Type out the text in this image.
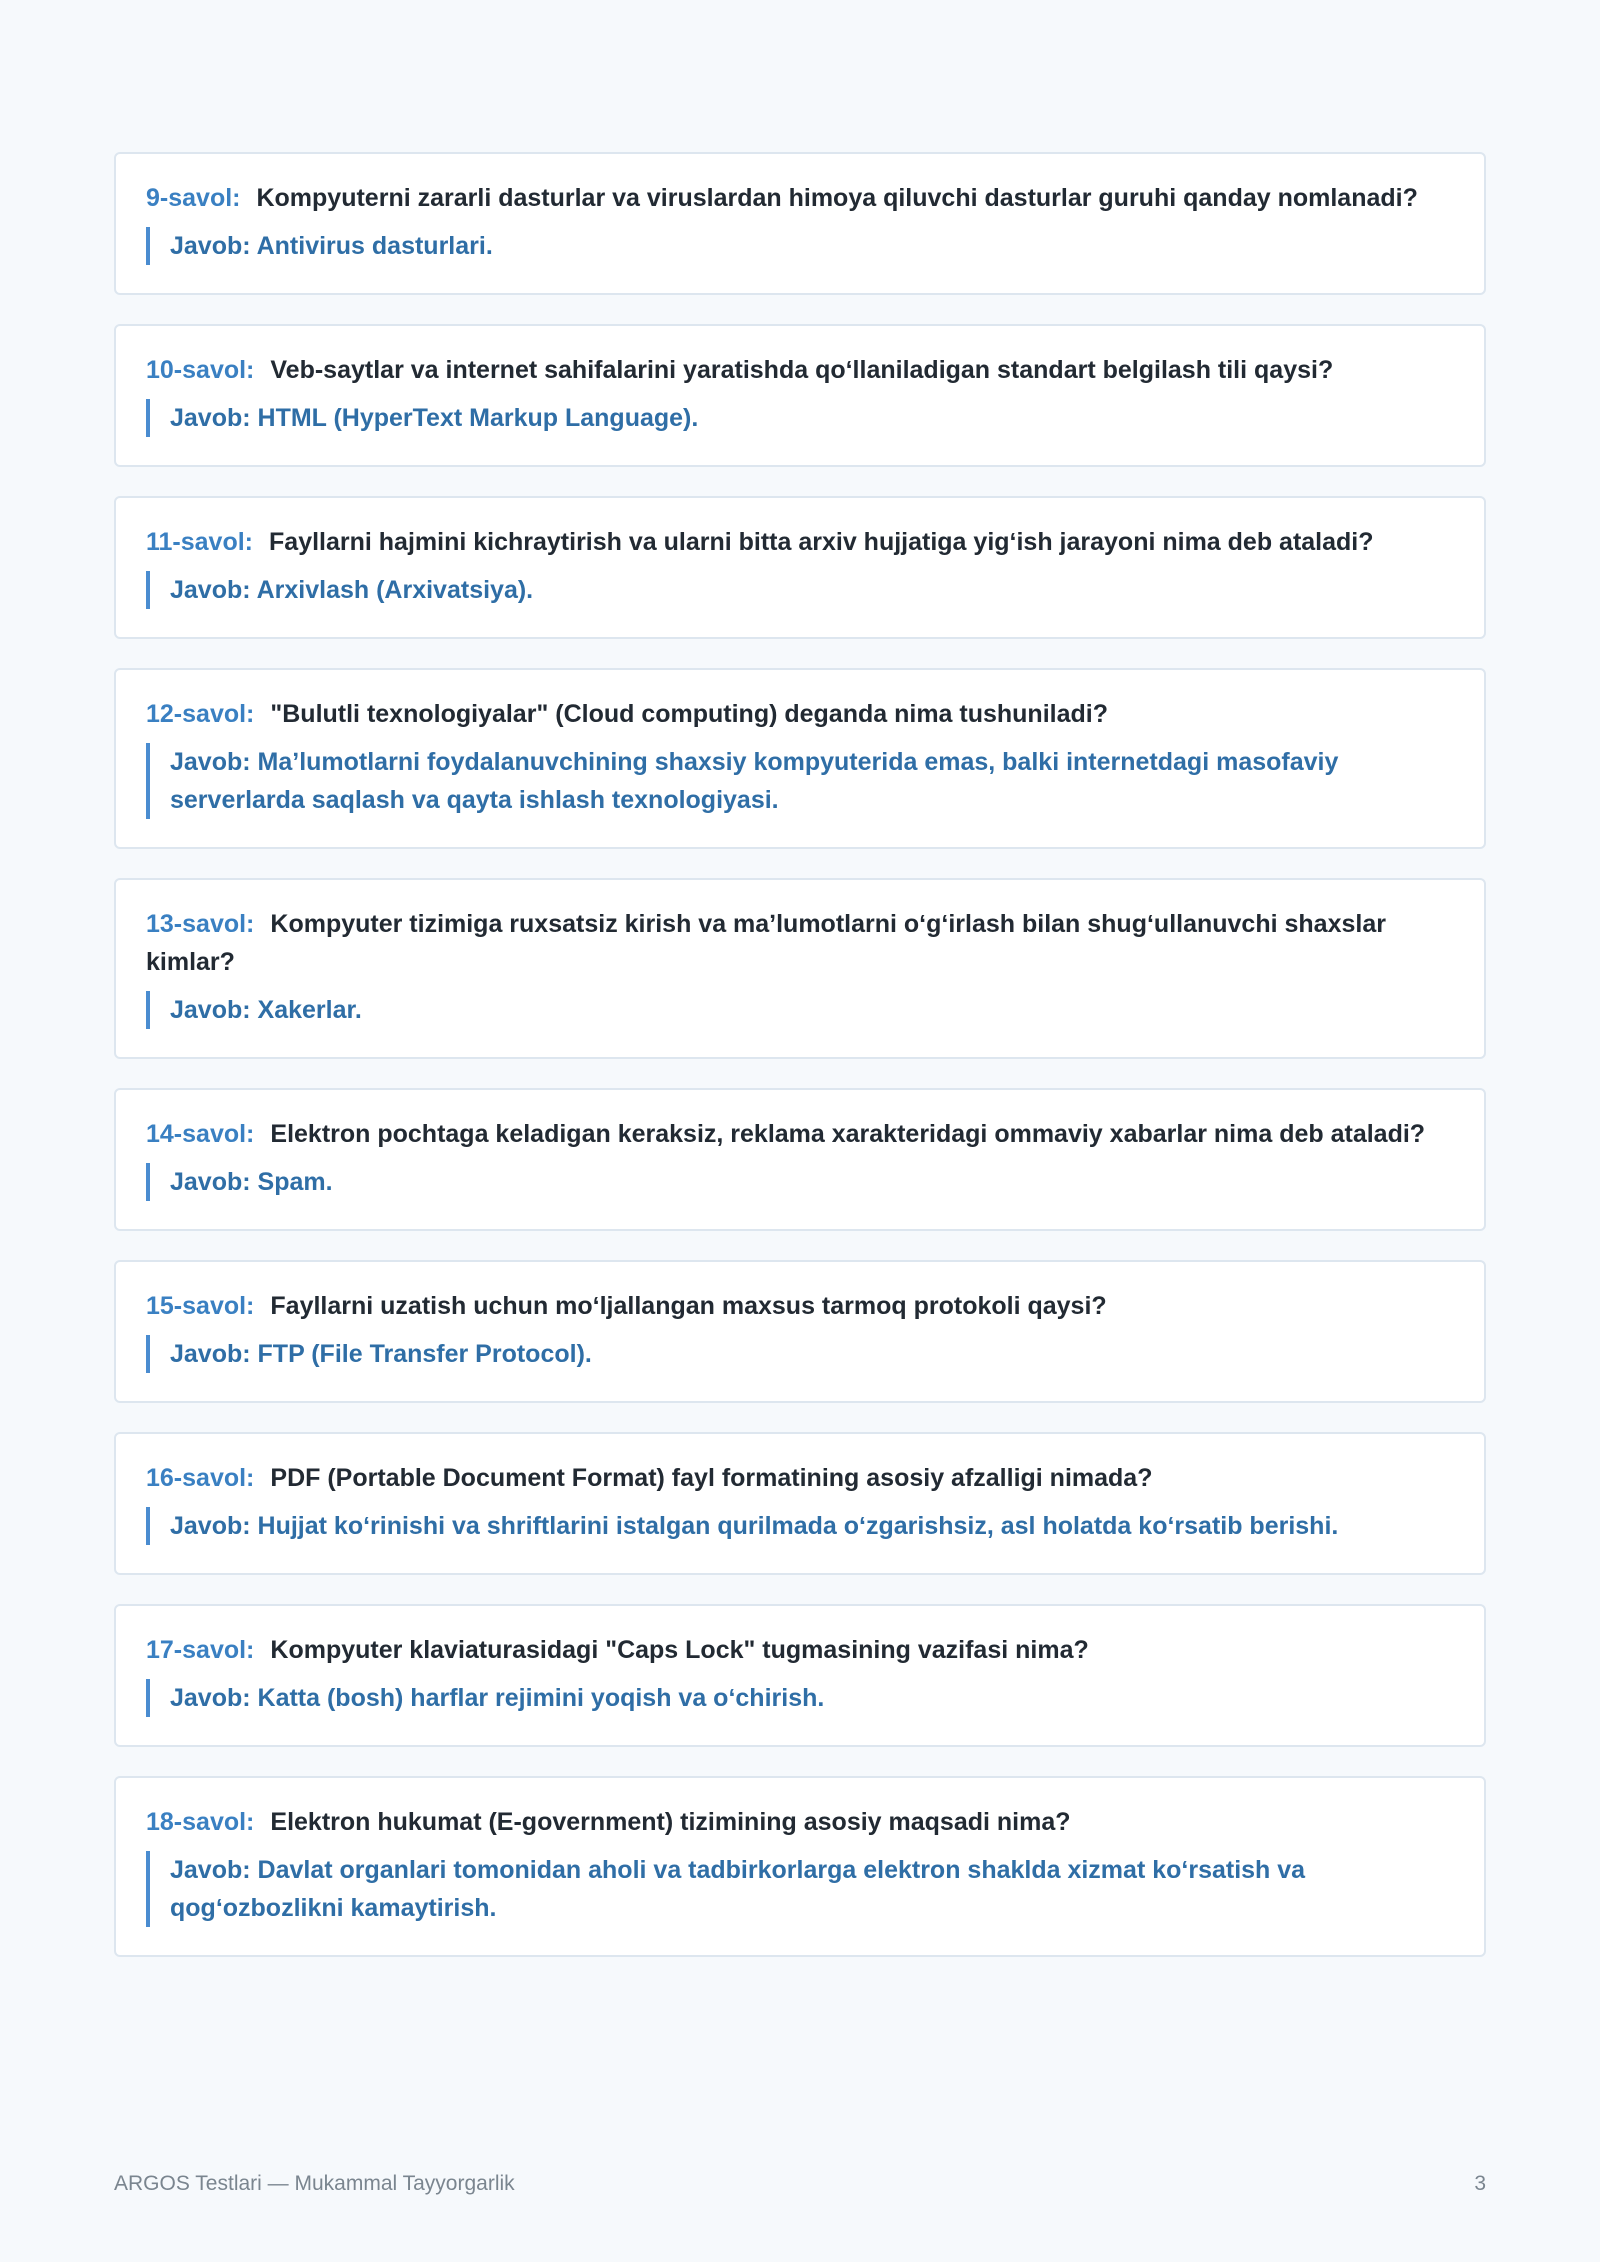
9-savol: Kompyuterni zararli dasturlar va viruslardan himoya qiluvchi dasturlar guruhi qanday nomlanadi?
Javob: Antivirus dasturlari.
10-savol: Veb-saytlar va internet sahifalarini yaratishda qoʻllaniladigan standart belgilash tili qaysi?
Javob: HTML (HyperText Markup Language).
11-savol: Fayllarni hajmini kichraytirish va ularni bitta arxiv hujjatiga yigʻish jarayoni nima deb ataladi?
Javob: Arxivlash (Arxivatsiya).
12-savol: "Bulutli texnologiyalar" (Cloud computing) deganda nima tushuniladi?
Javob: Maʼlumotlarni foydalanuvchining shaxsiy kompyuterida emas, balki internetdagi masofaviy serverlarda saqlash va qayta ishlash texnologiyasi.
13-savol: Kompyuter tizimiga ruxsatsiz kirish va maʼlumotlarni oʻgʻirlash bilan shugʻullanuvchi shaxslar kimlar?
Javob: Xakerlar.
14-savol: Elektron pochtaga keladigan keraksiz, reklama xarakteridagi ommaviy xabarlar nima deb ataladi?
Javob: Spam.
15-savol: Fayllarni uzatish uchun moʻljallangan maxsus tarmoq protokoli qaysi?
Javob: FTP (File Transfer Protocol).
16-savol: PDF (Portable Document Format) fayl formatining asosiy afzalligi nimada?
Javob: Hujjat koʻrinishi va shriftlarini istalgan qurilmada oʻzgarishsiz, asl holatda koʻrsatib berishi.
17-savol: Kompyuter klaviaturasidagi "Caps Lock" tugmasining vazifasi nima?
Javob: Katta (bosh) harflar rejimini yoqish va oʻchirish.
18-savol: Elektron hukumat (E-government) tizimining asosiy maqsadi nima?
Javob: Davlat organlari tomonidan aholi va tadbirkorlarga elektron shaklda xizmat koʻrsatish va qogʻozbozlikni kamaytirish.
ARGOS Testlari — Mukammal Tayyorgarlik	3
